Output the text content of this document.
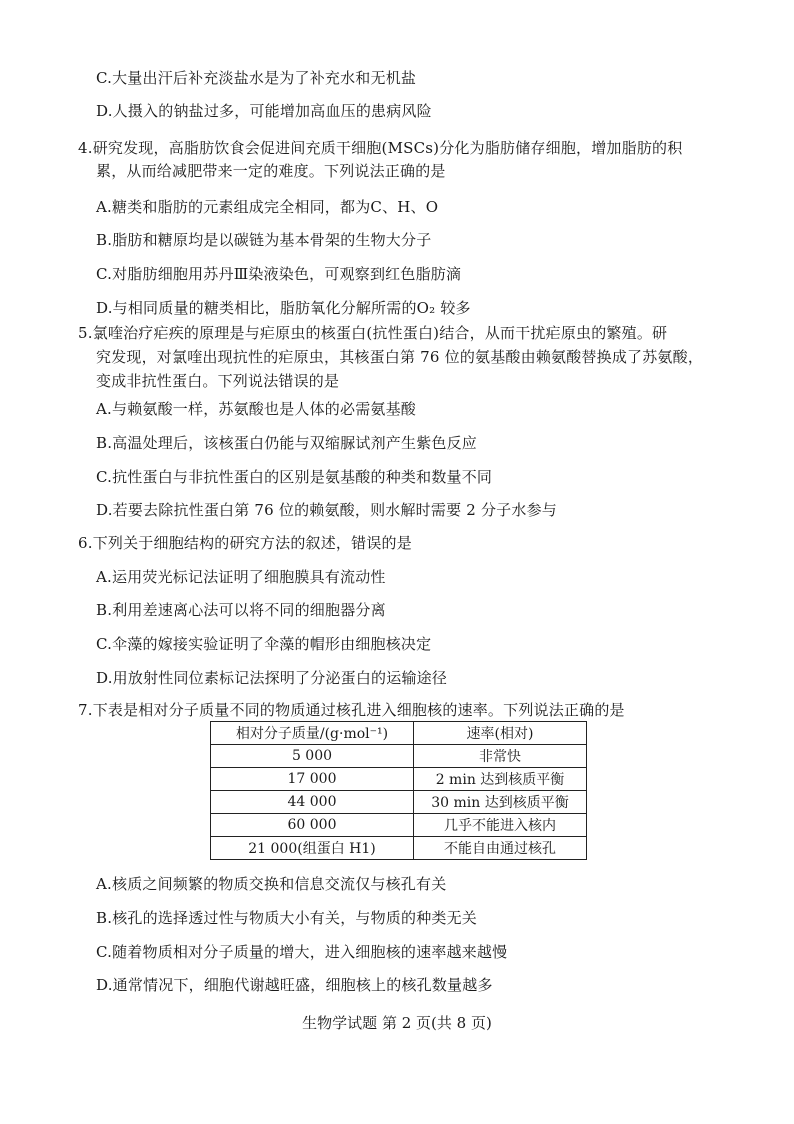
C.大量出汗后补充淡盐水是为了补充水和无机盐
D.人摄入的钠盐过多，可能增加高血压的患病风险
4.研究发现，高脂肪饮食会促进间充质干细胞(MSCs)分化为脂肪储存细胞，增加脂肪的积
累，从而给减肥带来一定的难度。下列说法正确的是
A.糖类和脂肪的元素组成完全相同，都为C、H、O
B.脂肪和糖原均是以碳链为基本骨架的生物大分子
C.对脂肪细胞用苏丹Ⅲ染液染色，可观察到红色脂肪滴
D.与相同质量的糖类相比，脂肪氧化分解所需的O₂ 较多
5.氯喹治疗疟疾的原理是与疟原虫的核蛋白(抗性蛋白)结合，从而干扰疟原虫的繁殖。研
究发现，对氯喹出现抗性的疟原虫，其核蛋白第 76 位的氨基酸由赖氨酸替换成了苏氨酸，
变成非抗性蛋白。下列说法错误的是
A.与赖氨酸一样，苏氨酸也是人体的必需氨基酸
B.高温处理后，该核蛋白仍能与双缩脲试剂产生紫色反应
C.抗性蛋白与非抗性蛋白的区别是氨基酸的种类和数量不同
D.若要去除抗性蛋白第 76 位的赖氨酸，则水解时需要 2 分子水参与
6.下列关于细胞结构的研究方法的叙述，错误的是
A.运用荧光标记法证明了细胞膜具有流动性
B.利用差速离心法可以将不同的细胞器分离
C.伞藻的嫁接实验证明了伞藻的帽形由细胞核决定
D.用放射性同位素标记法探明了分泌蛋白的运输途径
7.下表是相对分子质量不同的物质通过核孔进入细胞核的速率。下列说法正确的是
相对分子质量/(g·mol⁻¹)	速率(相对)
5 000	非常快
17 000	2 min 达到核质平衡
44 000	30 min 达到核质平衡
60 000	几乎不能进入核内
21 000(组蛋白 H1)	不能自由通过核孔
A.核质之间频繁的物质交换和信息交流仅与核孔有关
B.核孔的选择透过性与物质大小有关，与物质的种类无关
C.随着物质相对分子质量的增大，进入细胞核的速率越来越慢
D.通常情况下，细胞代谢越旺盛，细胞核上的核孔数量越多
生物学试题 第 2 页(共 8 页)
